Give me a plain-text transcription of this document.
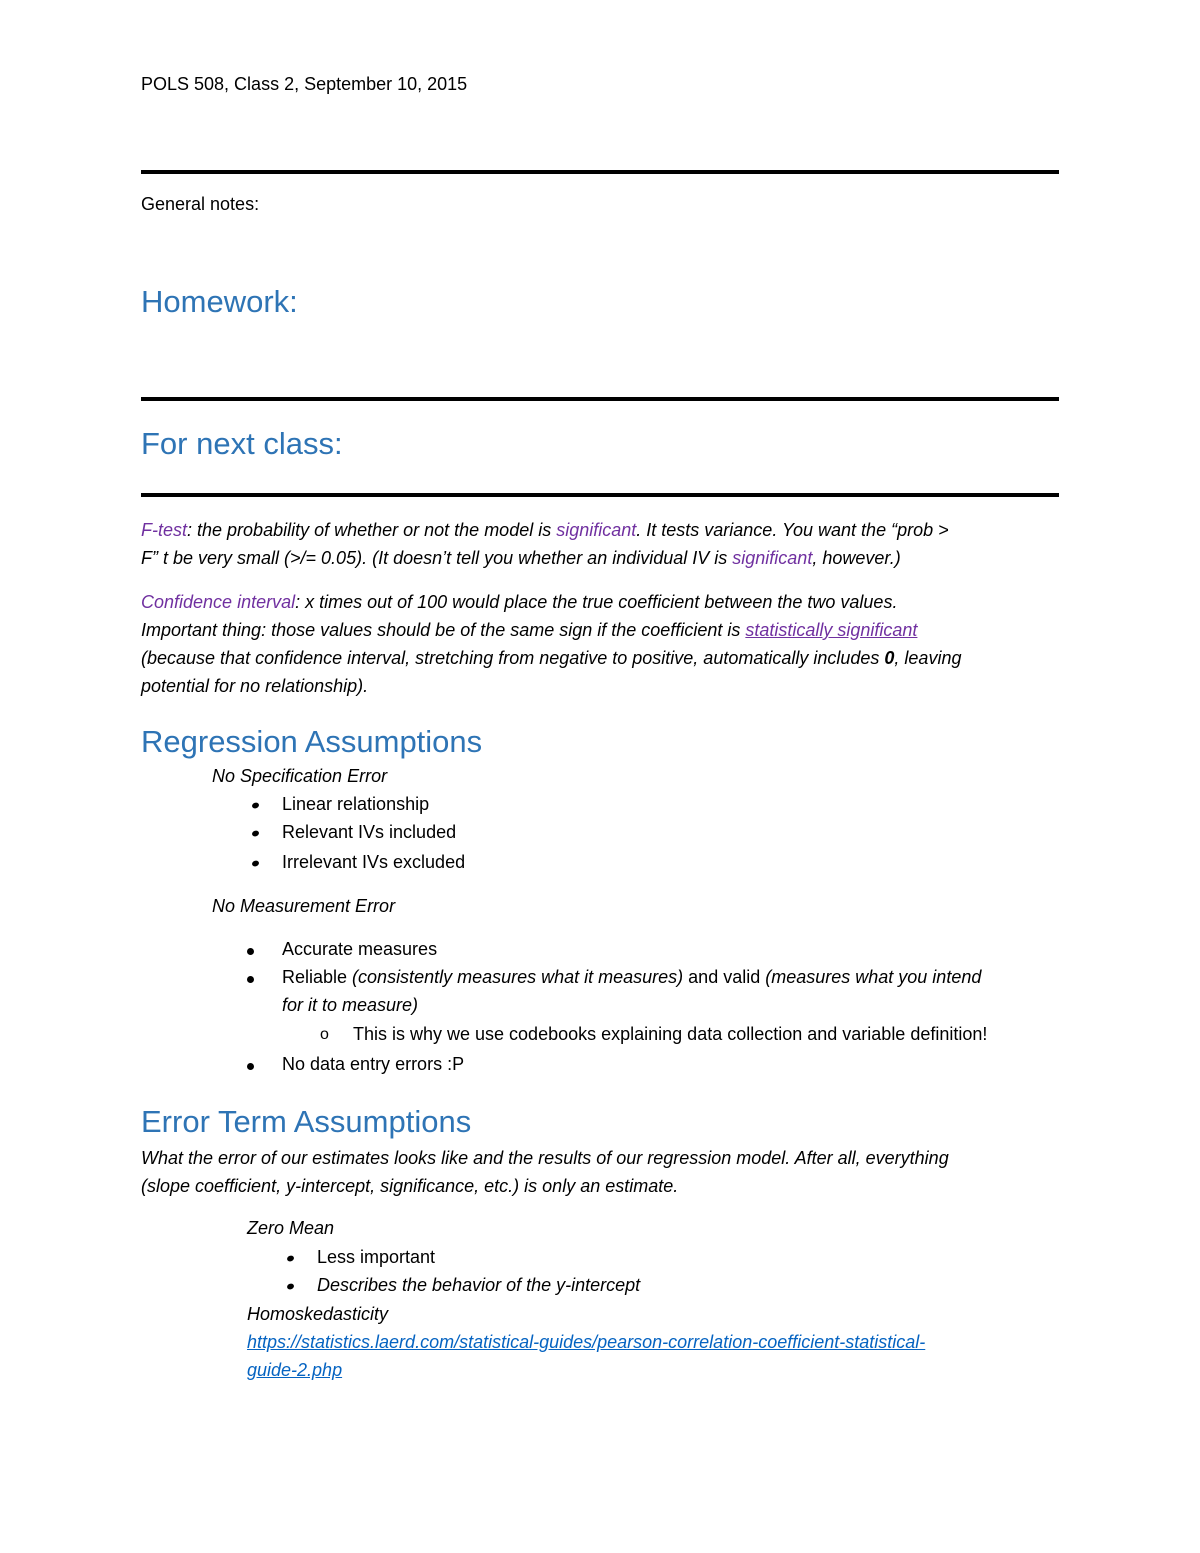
POLS 508, Class 2, September 10, 2015
General notes:
Homework:
For next class:
F-test: the probability of whether or not the model is significant. It tests variance. You want the “prob >
F” t be very small (>/= 0.05). (It doesn’t tell you whether an individual IV is significant, however.)
Confidence interval: x times out of 100 would place the true coefficient between the two values.
Important thing: those values should be of the same sign if the coefficient is statistically significant
(because that confidence interval, stretching from negative to positive, automatically includes 0, leaving
potential for no relationship).
Regression Assumptions
No Specification Error
Linear relationship
Relevant IVs included
Irrelevant IVs excluded
No Measurement Error
Accurate measures
Reliable (consistently measures what it measures) and valid (measures what you intend
for it to measure)
o This is why we use codebooks explaining data collection and variable definition!
No data entry errors :P
Error Term Assumptions
What the error of our estimates looks like and the results of our regression model. After all, everything
(slope coefficient, y-intercept, significance, etc.) is only an estimate.
Zero Mean
Less important
Describes the behavior of the y-intercept
Homoskedasticity
https://statistics.laerd.com/statistical-guides/pearson-correlation-coefficient-statistical-
guide-2.php
